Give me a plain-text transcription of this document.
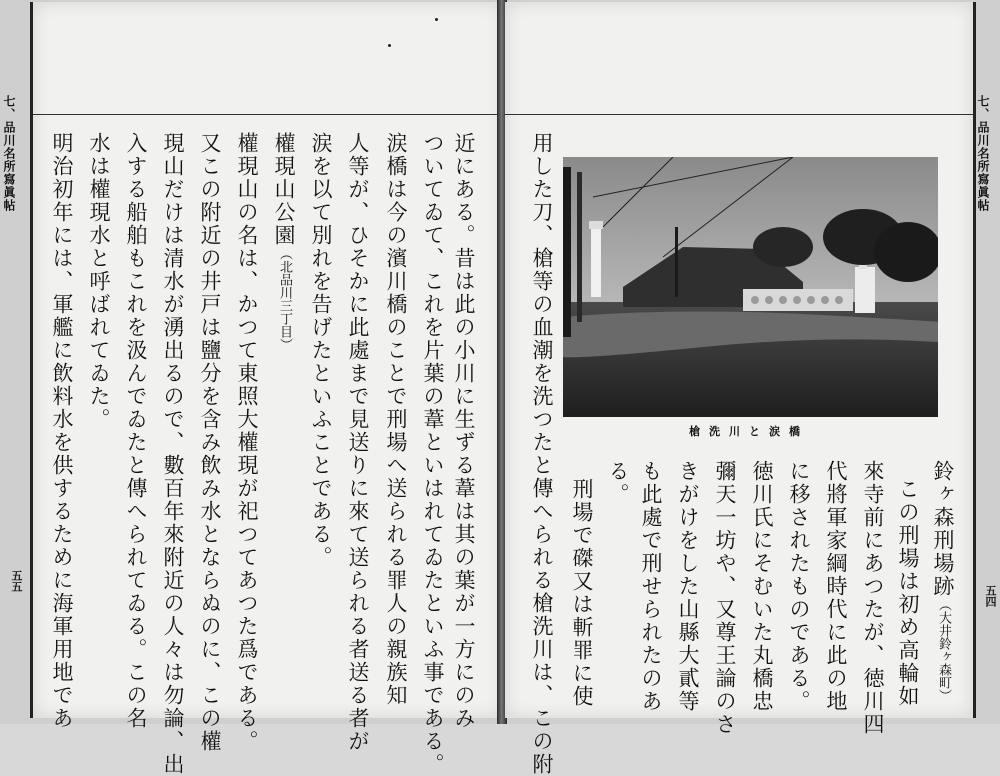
七、品川名所寫眞帖
五五
七、品川名所寫眞帖
五四
近にある。昔は此の小川に生ずる葦は其の葉が一方にのみ
ついてゐて、これを片葉の葦といはれてゐたといふ事である。
涙橋は今の濱川橋のことで刑場へ送られる罪人の親族知
人等が、ひそかに此處まで見送りに來て送られる者送る者が
涙を以て別れを告げたといふことである。
權現山公園（北品川三丁目）
權現山の名は、かつて東照大權現が祀つてあつた爲である。
又この附近の井戸は鹽分を含み飲み水とならぬのに、この權
現山だけは清水が湧出るので、數百年來附近の人々は勿論、出
入する船舶もこれを汲んでゐたと傳へられてゐる。この名
水は權現水と呼ばれてゐた。
明治初年には、軍艦に飲料水を供するために海軍用地であ	用した刀、槍等の血潮を洗つたと傳へられる槍洗川は、この附	槍洗川と涙橋
刑場で磔又は斬罪に使 る。 も此處で刑せられたのあ きがけをした山縣大貳等 彌天一坊や、又尊王論のさ 徳川氏にそむいた丸橋忠 に移されたものである。 代將軍家綱時代に此の地 來寺前にあつたが、徳川四 この刑場は初め高輪如 鈴ヶ森刑場跡（大井鈴ヶ森町）
